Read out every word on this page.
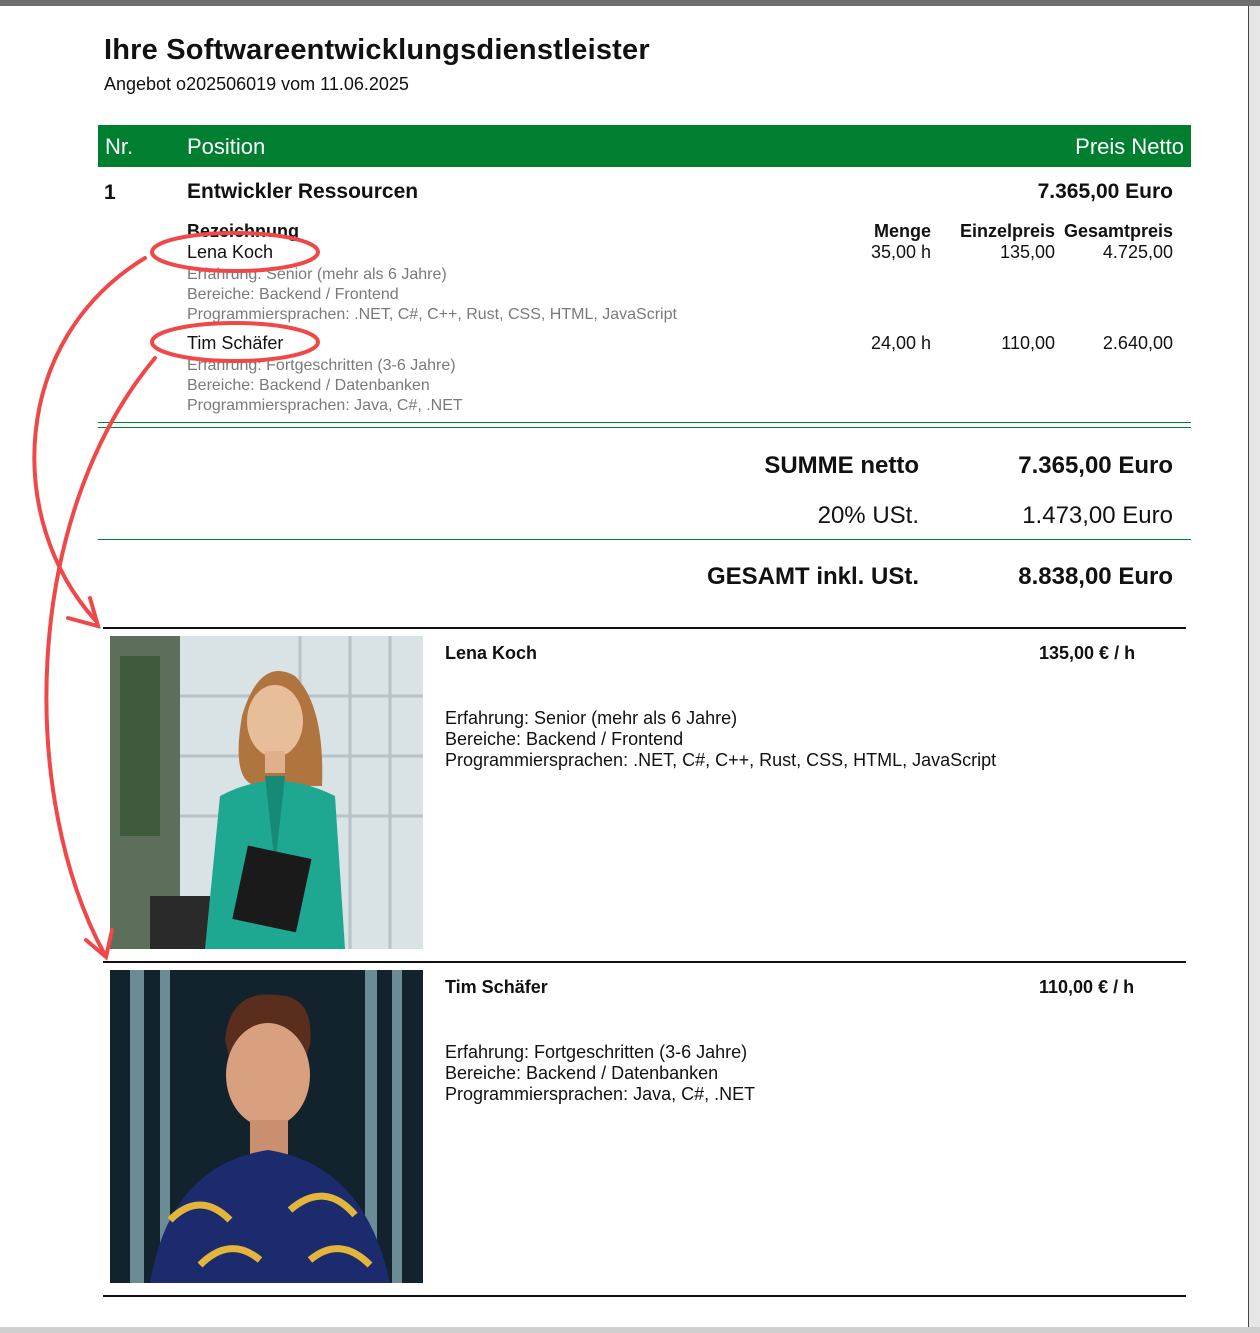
Ihre Softwareentwicklungsdienstleister
Angebot o202506019 vom 11.06.2025
Nr. Position	Preis Netto
1	Entwickler Ressourcen	7.365,00 Euro
Bezeichnung	Menge Einzelpreis Gesamtpreis
Lena Koch	35,00 h	135,00	4.725,00
Erfahrung: Senior (mehr als 6 Jahre)
Bereiche: Backend / Frontend
Programmiersprachen: .NET, C#, C++, Rust, CSS, HTML, JavaScript
Tim Schäfer	24,00 h	110,00	2.640,00
Erfahrung: Fortgeschritten (3-6 Jahre)
Bereiche: Backend / Datenbanken
Programmiersprachen: Java, C#, .NET
SUMME netto	7.365,00 Euro
20% USt.	1.473,00 Euro
GESAMT inkl. USt.	8.838,00 Euro
Lena Koch	135,00 € / h
Erfahrung: Senior (mehr als 6 Jahre)
Bereiche: Backend / Frontend
Programmiersprachen: .NET, C#, C++, Rust, CSS, HTML, JavaScript
Tim Schäfer	110,00 € / h
Erfahrung: Fortgeschritten (3-6 Jahre)
Bereiche: Backend / Datenbanken
Programmiersprachen: Java, C#, .NET
